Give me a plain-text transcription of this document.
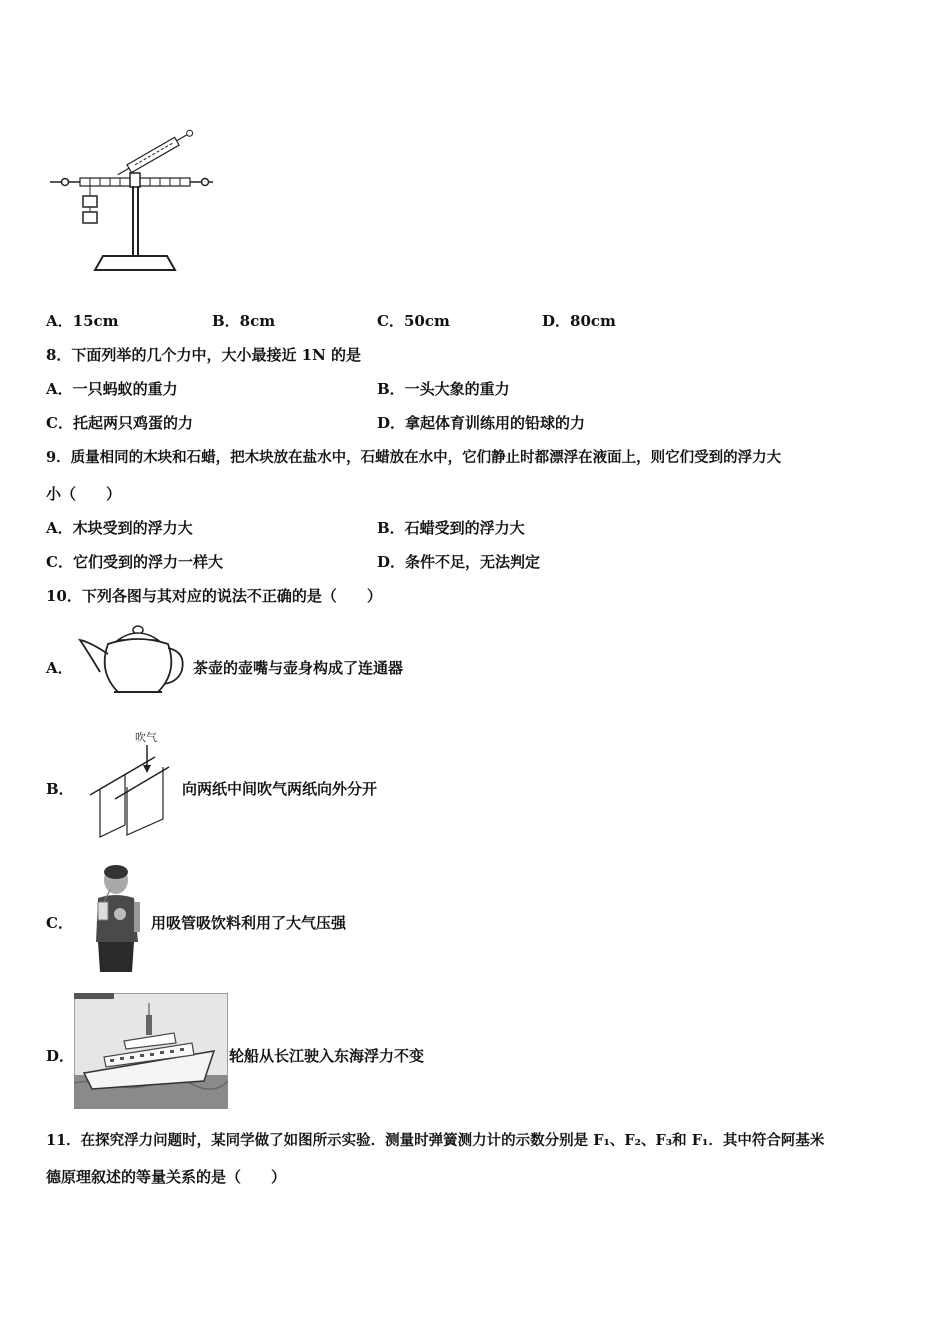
A．15cm	B．8cm	C．50cm	D．80cm
8．下面列举的几个力中，大小最接近 1N 的是
A．一只蚂蚁的重力	B．一头大象的重力
C．托起两只鸡蛋的力	D．拿起体育训练用的铅球的力
9．质量相同的木块和石蜡，把木块放在盐水中，石蜡放在水中，它们静止时都漂浮在液面上，则它们受到的浮力大
小（　　）
A．木块受到的浮力大	B．石蜡受到的浮力大
C．它们受到的浮力一样大	D．条件不足，无法判定
10．下列各图与其对应的说法不正确的是（　　）
A．	茶壶的壶嘴与壶身构成了连通器
B．
吹气
向两纸中间吹气两纸向外分开
C．	用吸管吸饮料利用了大气压强
D．	轮船从长江驶入东海浮力不变
11．在探究浮力问题时，某同学做了如图所示实验．测量时弹簧测力计的示数分别是 F₁、F₂、F₃和 F₁．其中符合阿基米
德原理叙述的等量关系的是（　　）
